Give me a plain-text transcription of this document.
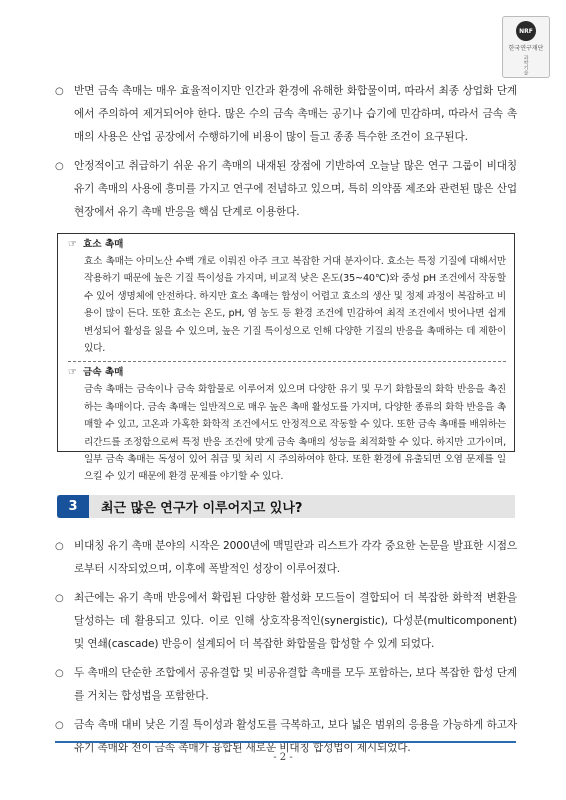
NRF
한국연구재단
과학기술

○ 반면 금속 촉매는 매우 효율적이지만 인간과 환경에 유해한 화합물이며, 따라서 최종 상업화 단계에서 주의하여 제거되어야 한다. 많은 수의 금속 촉매는 공기나 습기에 민감하며, 따라서 금속 촉매의 사용은 산업 공장에서 수행하기에 비용이 많이 들고 종종 특수한 조건이 요구된다.

○ 안정적이고 취급하기 쉬운 유기 촉매의 내재된 장점에 기반하여 오늘날 많은 연구 그룹이 비대칭 유기 촉매의 사용에 흥미를 가지고 연구에 전념하고 있으며, 특히 의약품 제조와 관련된 많은 산업 현장에서 유기 촉매 반응을 핵심 단계로 이용한다.

☞ 효소 촉매

효소 촉매는 아미노산 수백 개로 이뤄진 아주 크고 복잡한 거대 분자이다. 효소는 특정 기질에 대해서만 작용하기 때문에 높은 기질 특이성을 가지며, 비교적 낮은 온도(35~40℃)와 중성 pH 조건에서 작동할 수 있어 생명체에 안전하다. 하지만 효소 촉매는 합성이 어렵고 효소의 생산 및 정제 과정이 복잡하고 비용이 많이 든다. 또한 효소는 온도, pH, 염 농도 등 환경 조건에 민감하여 최적 조건에서 벗어나면 쉽게 변성되어 활성을 잃을 수 있으며, 높은 기질 특이성으로 인해 다양한 기질의 반응을 촉매하는 데 제한이 있다.

☞ 금속 촉매

금속 촉매는 금속이나 금속 화합물로 이루어져 있으며 다양한 유기 및 무기 화합물의 화학 반응을 촉진하는 촉매이다. 금속 촉매는 일반적으로 매우 높은 촉매 활성도를 가지며, 다양한 종류의 화학 반응을 촉매할 수 있고, 고온과 가혹한 화학적 조건에서도 안정적으로 작동할 수 있다. 또한 금속 촉매를 배위하는 리간드를 조정함으로써 특정 반응 조건에 맞게 금속 촉매의 성능을 최적화할 수 있다. 하지만 고가이며, 일부 금속 촉매는 독성이 있어 취급 및 처리 시 주의하여야 한다. 또한 환경에 유출되면 오염 문제를 일으킬 수 있기 때문에 환경 문제를 야기할 수 있다.

3	최근 많은 연구가 이루어지고 있나?

○ 비대칭 유기 촉매 분야의 시작은 2000년에 맥밀란과 리스트가 각각 중요한 논문을 발표한 시점으로부터 시작되었으며, 이후에 폭발적인 성장이 이루어졌다.

○ 최근에는 유기 촉매 반응에서 확립된 다양한 활성화 모드들이 결합되어 더 복잡한 화학적 변환을 달성하는 데 활용되고 있다. 이로 인해 상호작용적인(synergistic), 다성분(multicomponent) 및 연쇄(cascade) 반응이 설계되어 더 복잡한 화합물을 합성할 수 있게 되었다.

○ 두 촉매의 단순한 조합에서 공유결합 및 비공유결합 촉매를 모두 포함하는, 보다 복잡한 합성 단계를 거치는 합성법을 포함한다.

○ 금속 촉매 대비 낮은 기질 특이성과 활성도를 극복하고, 보다 넓은 범위의 응용을 가능하게 하고자 유기 촉매와 전이 금속 촉매가 융합된 새로운 비대칭 합성법이 제시되었다.

- 2 -
